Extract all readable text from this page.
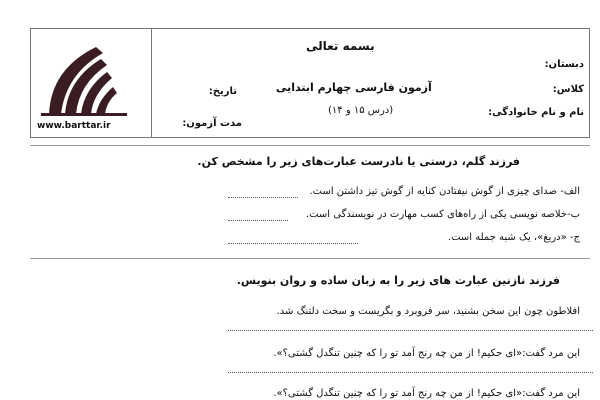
www.barttar.ir
بسمه تعالی
آزمون فارسی چهارم ابتدایی
(درس ۱۵ و ۱۴)
تاریخ:
مدت آزمون:
دبستان:
کلاس:
نام و نام خانوادگی:
فرزند گلم، درستی یا نادرست عبارت‌های زیر را مشخص کن.
الف- صدای چیزی از گوش نیفتادن کنایه از گوش تیز داشتن است.
ب-خلاصه نویسی یکی از راه‌های کسب مهارت در نویسندگی است.
ج- «دریغ»، یک شبه جمله است.
فرزند نازنین عبارت های زیر را به زبان ساده و روان بنویس.
افلاطون چون این سخن بشنید، سر فروبرد و بگریست و سخت دلتنگ شد.
این مرد گفت:«ای حکیم! از من چه رنج آمد تو را که چنین تنگدل گشتی؟».
این مرد گفت:«ای حکیم! از من چه رنج آمد تو را که چنین تنگدل گشتی؟».
